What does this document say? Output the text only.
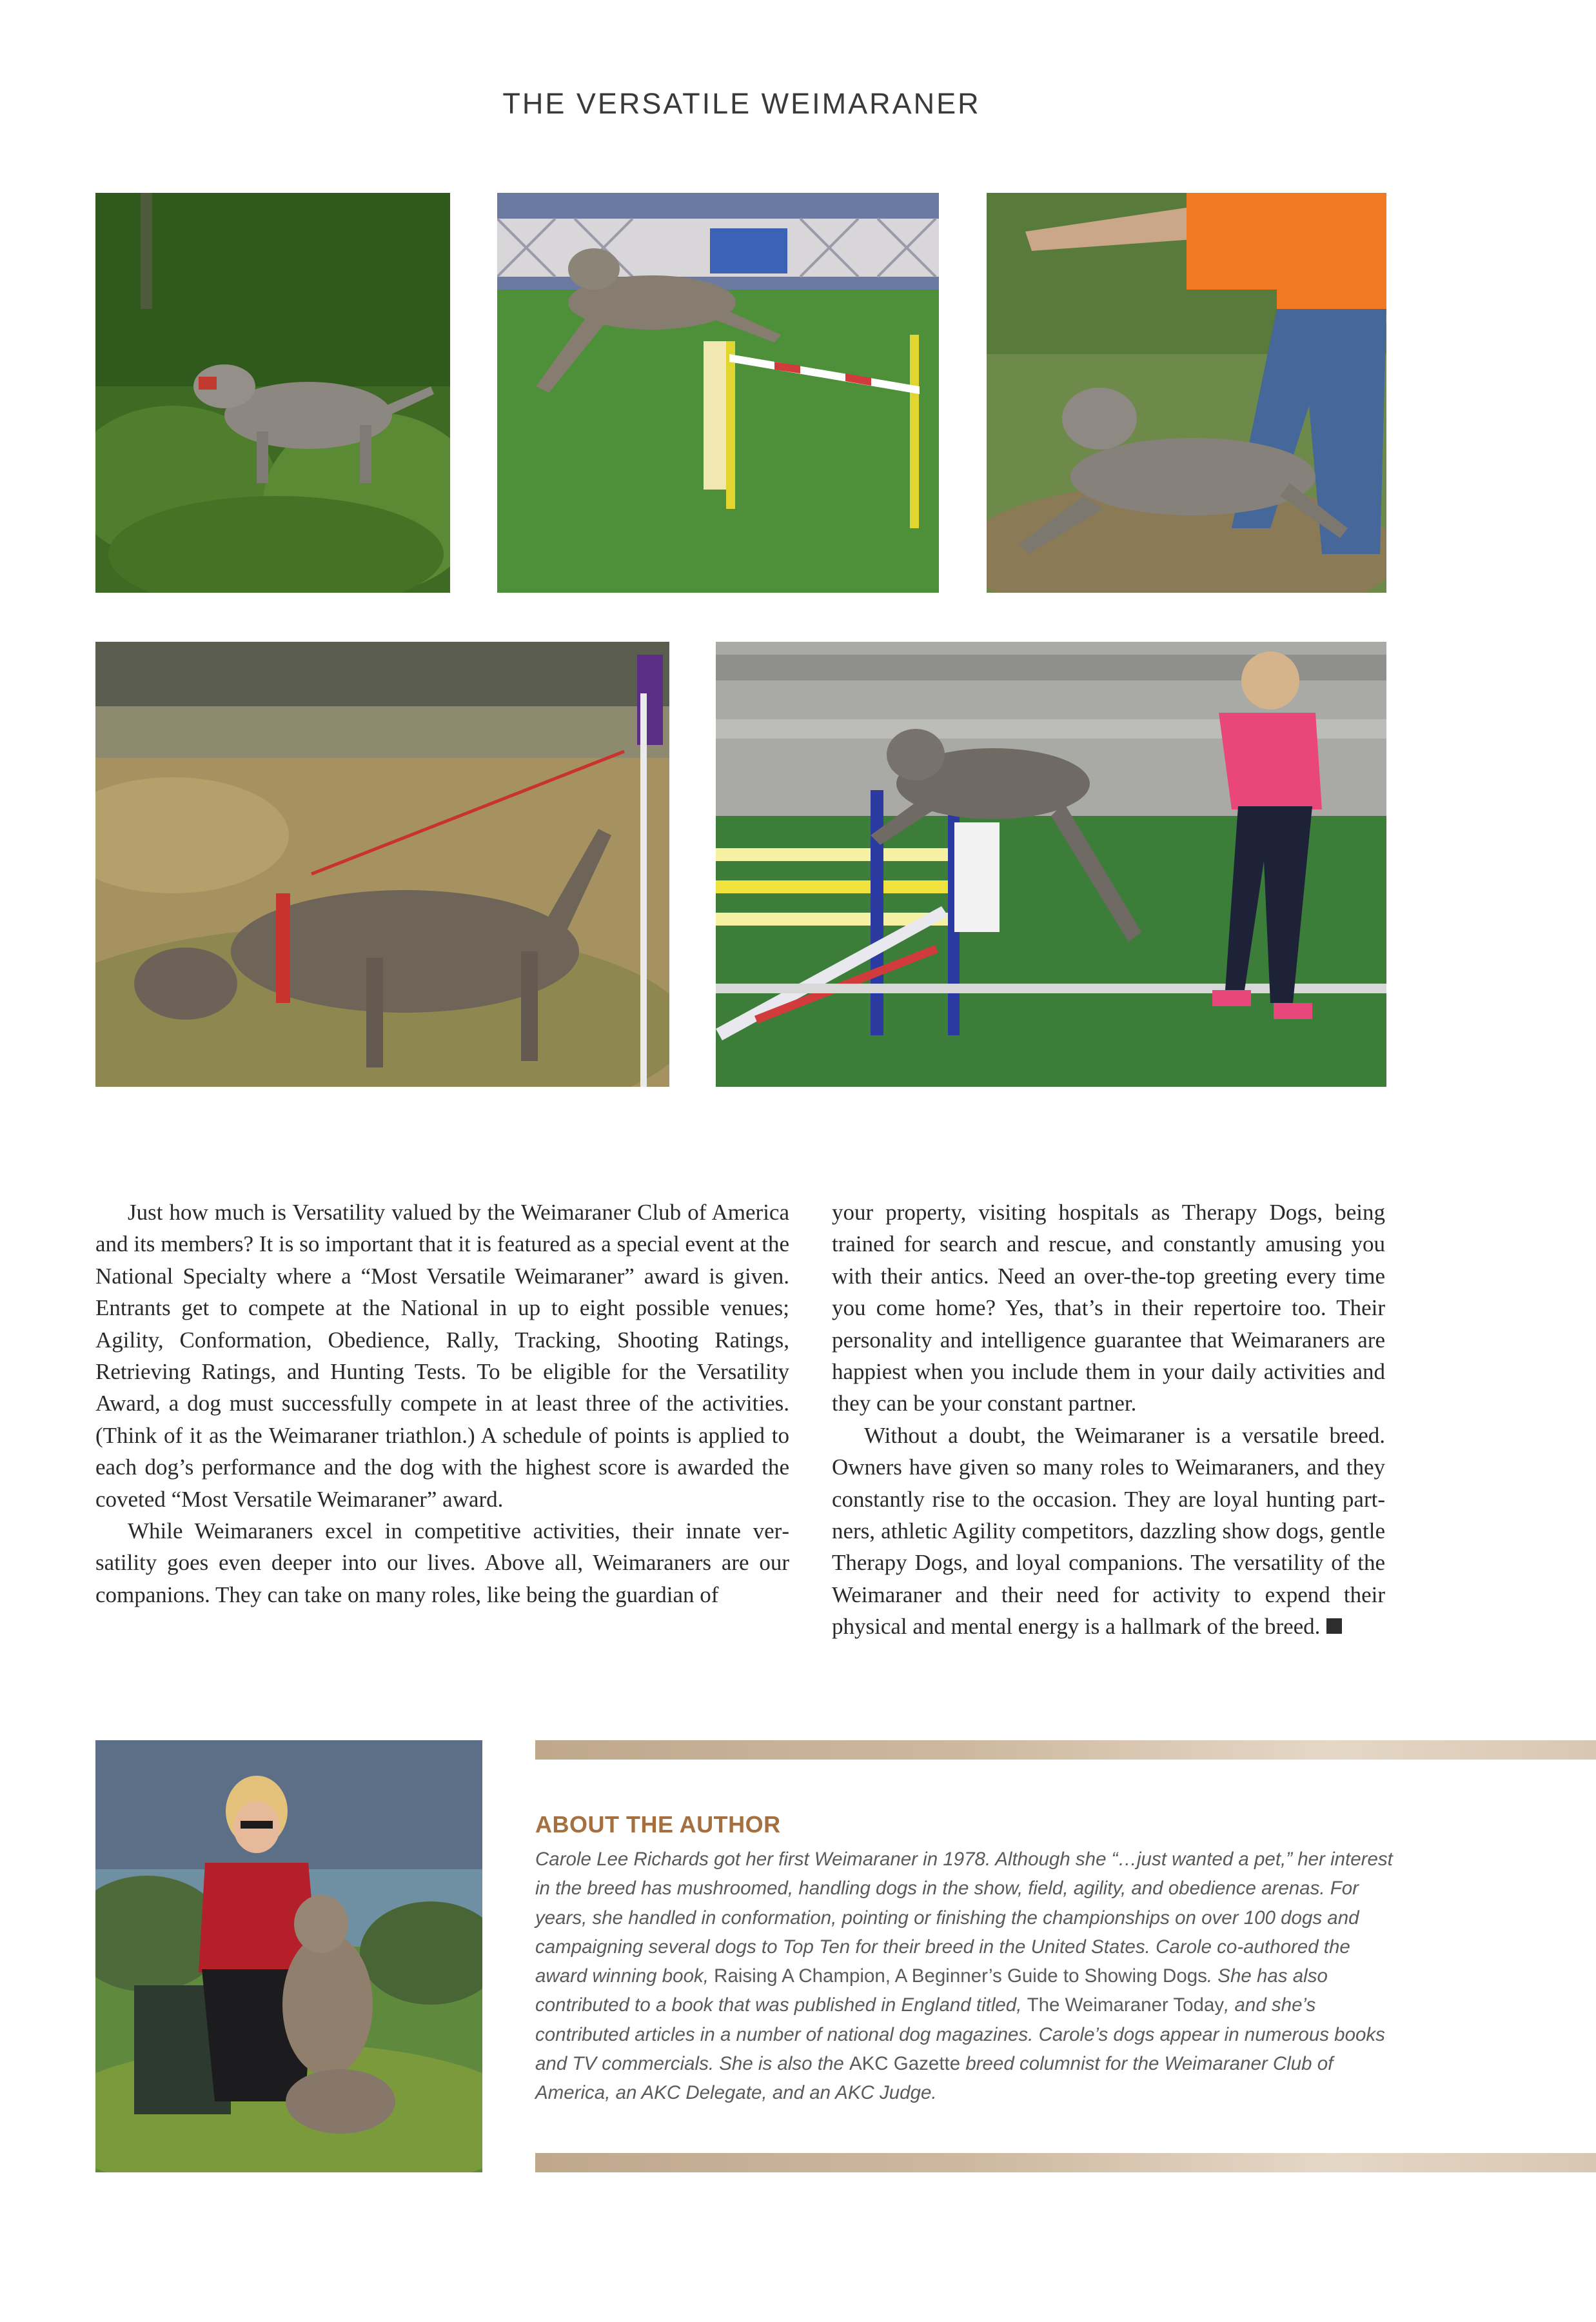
THE VERSATILE WEIMARANER

Just how much is Versatility valued by the Weimaraner Club of America and its members? It is so important that it is featured as a special event at the National Specialty where a “Most Versatile Weimaraner” award is given. Entrants get to compete at the National in up to eight possible venues; Agility, Conformation, Obedience, Rally, Tracking, Shooting Ratings, Retrieving Ratings, and Hunting Tests. To be eligible for the Versatility Award, a dog must successfully compete in at least three of the activities. (Think of it as the Weimaraner triathlon.) A schedule of points is applied to each dog’s performance and the dog with the highest score is awarded the coveted “Most Versatile Weimaraner” award.

While Weimaraners excel in competitive activities, their innate versatility goes even deeper into our lives. Above all, Weimaraners are our companions. They can take on many roles, like being the guardian of

your property, visiting hospitals as Therapy Dogs, being trained for search and rescue, and constantly amusing you with their antics. Need an over-the-top greeting every time you come home? Yes, that’s in their repertoire too. Their personality and intelligence guarantee that Weimaraners are happiest when you include them in your daily activities and they can be your constant partner.

Without a doubt, the Weimaraner is a versatile breed. Owners have given so many roles to Weimaraners, and they constantly rise to the occasion. They are loyal hunting partners, athletic Agility competitors, dazzling show dogs, gentle Therapy Dogs, and loyal companions. The versatility of the Weimaraner and their need for activity to expend their physical and mental energy is a hallmark of the breed.

ABOUT THE AUTHOR
Carole Lee Richards got her first Weimaraner in 1978. Although she “…just wanted a pet,” her interest in the breed has mushroomed, handling dogs in the show, field, agility, and obedience arenas. For years, she handled in conformation, pointing or finishing the championships on over 100 dogs and campaigning several dogs to Top Ten for their breed in the United States. Carole co-authored the award winning book, Raising A Champion, A Beginner’s Guide to Showing Dogs. She has also contributed to a book that was published in England titled, The Weimaraner Today, and she’s contributed articles in a number of national dog magazines. Carole’s dogs appear in numerous books and TV commercials. She is also the AKC Gazette breed columnist for the Weimaraner Club of America, an AKC Delegate, and an AKC Judge.
